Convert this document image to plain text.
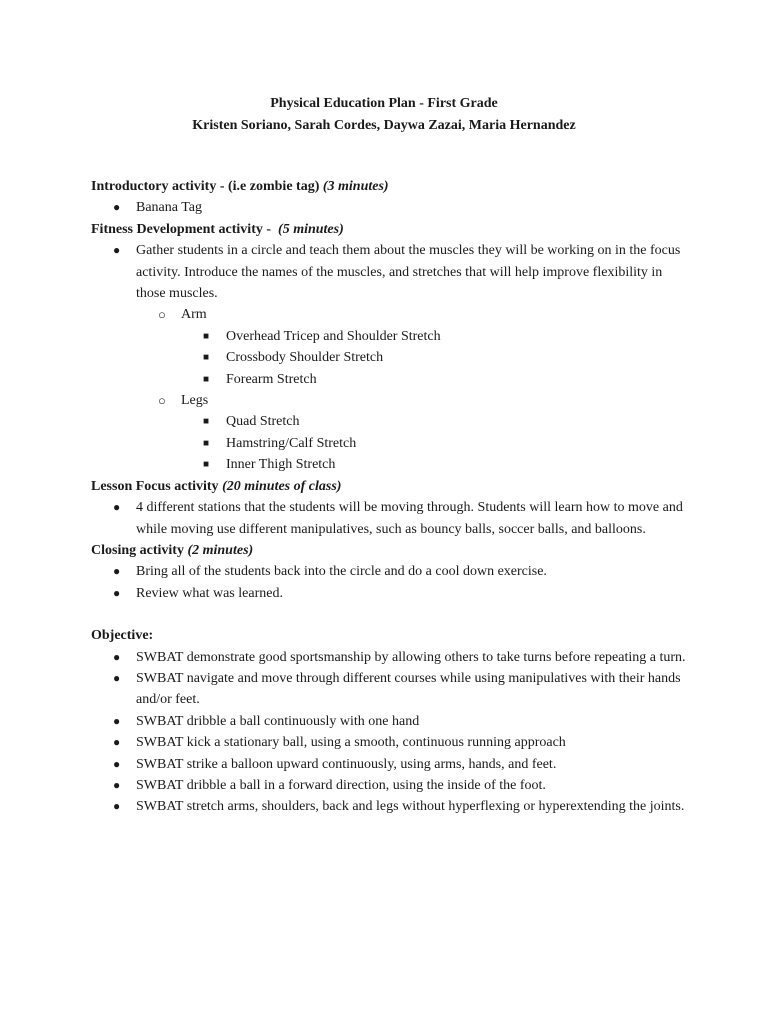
Physical Education Plan - First Grade
Kristen Soriano, Sarah Cordes, Daywa Zazai, Maria Hernandez
Introductory activity - (i.e zombie tag) (3 minutes)
● Banana Tag
Fitness Development activity - (5 minutes)
● Gather students in a circle and teach them about the muscles they will be working on in the focus activity. Introduce the names of the muscles, and stretches that will help improve flexibility in those muscles.
○ Arm
■ Overhead Tricep and Shoulder Stretch
■ Crossbody Shoulder Stretch
■ Forearm Stretch
○ Legs
■ Quad Stretch
■ Hamstring/Calf Stretch
■ Inner Thigh Stretch
Lesson Focus activity (20 minutes of class)
● 4 different stations that the students will be moving through. Students will learn how to move and while moving use different manipulatives, such as bouncy balls, soccer balls, and balloons.
Closing activity (2 minutes)
● Bring all of the students back into the circle and do a cool down exercise.
● Review what was learned.
Objective:
● SWBAT demonstrate good sportsmanship by allowing others to take turns before repeating a turn.
● SWBAT navigate and move through different courses while using manipulatives with their hands and/or feet.
● SWBAT dribble a ball continuously with one hand
● SWBAT kick a stationary ball, using a smooth, continuous running approach
● SWBAT strike a balloon upward continuously, using arms, hands, and feet.
● SWBAT dribble a ball in a forward direction, using the inside of the foot.
● SWBAT stretch arms, shoulders, back and legs without hyperflexing or hyperextending the joints.
